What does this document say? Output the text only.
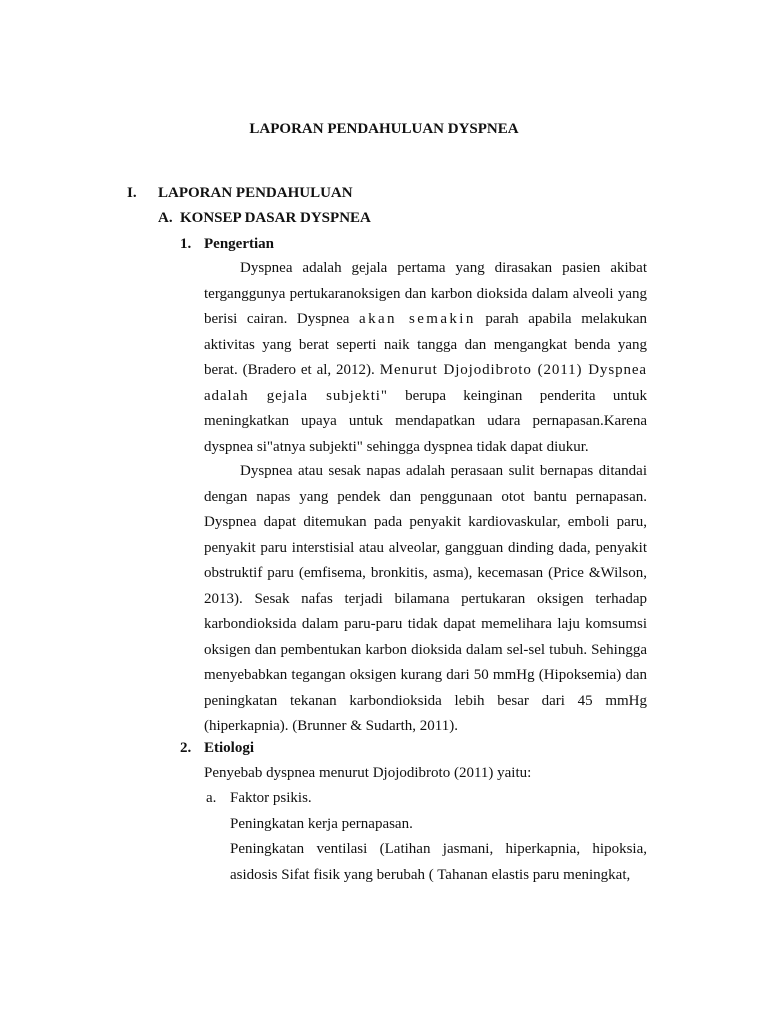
LAPORAN PENDAHULUAN DYSPNEA
I. LAPORAN PENDAHULUAN
A. KONSEP DASAR DYSPNEA
1. Pengertian

Dyspnea adalah gejala pertama yang dirasakan pasien akibat terganggunya pertukaranoksigen dan karbon dioksida dalam alveoli yang berisi cairan. Dyspnea akan semakin parah apabila melakukan aktivitas yang berat seperti naik tangga dan mengangkat benda yang berat. (Bradero et al, 2012). Menurut Djojodibroto (2011) Dyspnea adalah gejala subjekti" berupa keinginan penderita untuk meningkatkan upaya untuk mendapatkan udara pernapasan.Karena dyspnea si"atnya subjekti" sehingga dyspnea tidak dapat diukur.

Dyspnea atau sesak napas adalah perasaan sulit bernapas ditandai dengan napas yang pendek dan penggunaan otot bantu pernapasan. Dyspnea dapat ditemukan pada penyakit kardiovaskular, emboli paru, penyakit paru interstisial atau alveolar, gangguan dinding dada, penyakit obstruktif paru (emfisema, bronkitis, asma), kecemasan (Price &Wilson, 2013). Sesak nafas terjadi bilamana pertukaran oksigen terhadap karbondioksida dalam paru-paru tidak dapat memelihara laju komsumsi oksigen dan pembentukan karbon dioksida dalam sel-sel tubuh. Sehingga menyebabkan tegangan oksigen kurang dari 50 mmHg (Hipoksemia) dan peningkatan tekanan karbondioksida lebih besar dari 45 mmHg (hiperkapnia). (Brunner & Sudarth, 2011).

2. Etiologi
Penyebab dyspnea menurut Djojodibroto (2011) yaitu:
a. Faktor psikis.
Peningkatan kerja pernapasan.

Peningkatan ventilasi (Latihan jasmani, hiperkapnia, hipoksia, asidosis Sifat fisik yang berubah ( Tahanan elastis paru meningkat,
